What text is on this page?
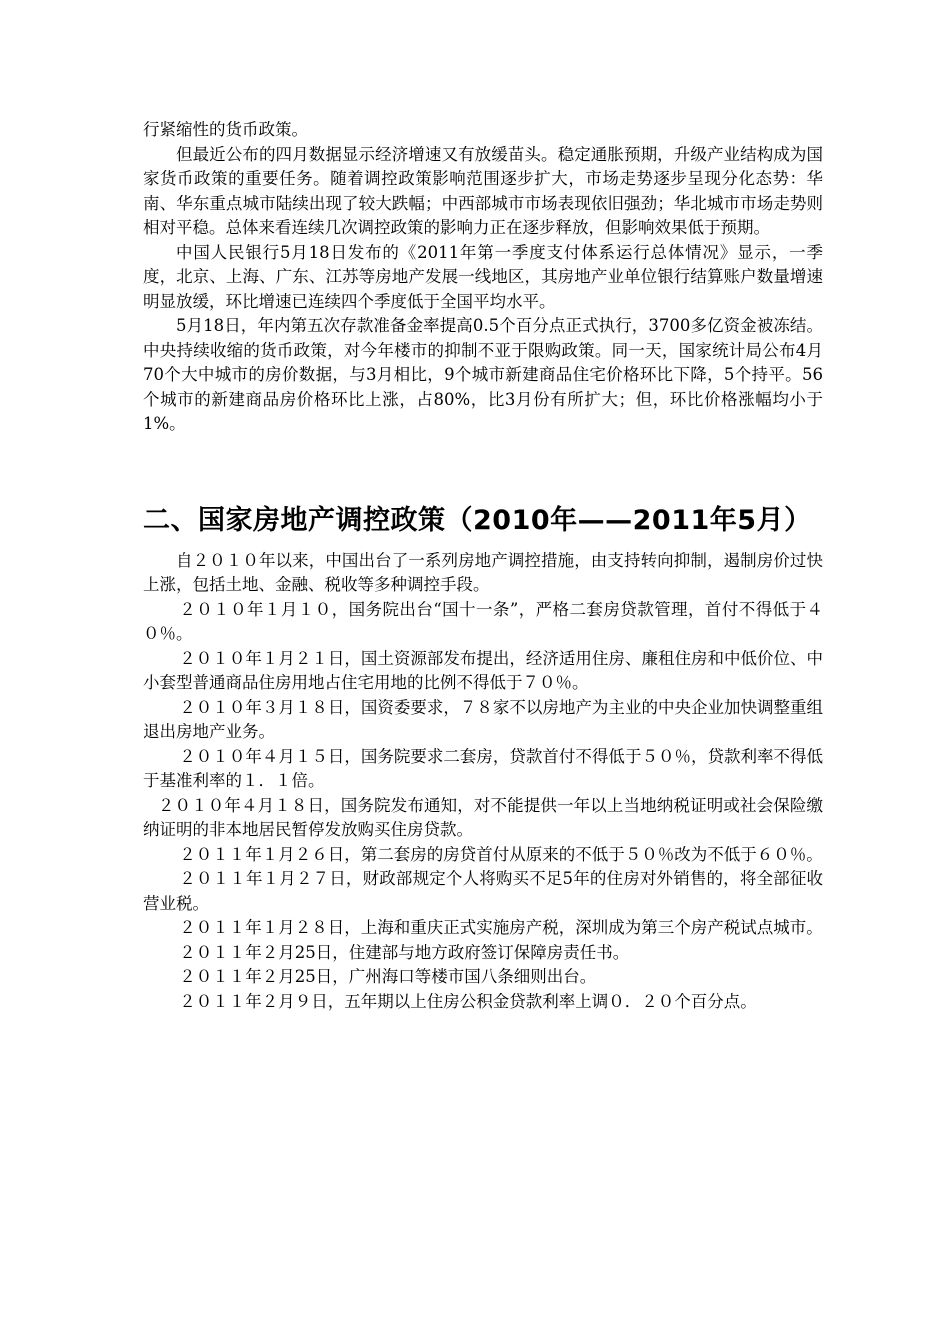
行紧缩性的货币政策。

但最近公布的四月数据显示经济增速又有放缓苗头。稳定通胀预期，升级产业结构成为国家货币政策的重要任务。随着调控政策影响范围逐步扩大，市场走势逐步呈现分化态势：华南、华东重点城市陆续出现了较大跌幅；中西部城市市场表现依旧强劲；华北城市市场走势则相对平稳。总体来看连续几次调控政策的影响力正在逐步释放，但影响效果低于预期。

中国人民银行5月18日发布的《2011年第一季度支付体系运行总体情况》显示，一季度，北京、上海、广东、江苏等房地产发展一线地区，其房地产业单位银行结算账户数量增速明显放缓，环比增速已连续四个季度低于全国平均水平。

5月18日，年内第五次存款准备金率提高0.5个百分点正式执行，3700多亿资金被冻结。中央持续收缩的货币政策，对今年楼市的抑制不亚于限购政策。同一天，国家统计局公布4月70个大中城市的房价数据，与3月相比，9个城市新建商品住宅价格环比下降，5个持平。56个城市的新建商品房价格环比上涨，占80%，比3月份有所扩大；但，环比价格涨幅均小于1%。

二、国家房地产调控政策（2010年——2011年5月）

自２０１０年以来，中国出台了一系列房地产调控措施，由支持转向抑制，遏制房价过快上涨，包括土地、金融、税收等多种调控手段。

２０１０年１月１０，国务院出台“国十一条”，严格二套房贷款管理，首付不得低于４０％。

２０１０年１月２１日，国土资源部发布提出，经济适用住房、廉租住房和中低价位、中小套型普通商品住房用地占住宅用地的比例不得低于７０％。

２０１０年３月１８日，国资委要求，７８家不以房地产为主业的中央企业加快调整重组退出房地产业务。

２０１０年４月１５日，国务院要求二套房，贷款首付不得低于５０％，贷款利率不得低于基准利率的１．１倍。

２０１０年４月１８日，国务院发布通知，对不能提供一年以上当地纳税证明或社会保险缴纳证明的非本地居民暂停发放购买住房贷款。

２０１１年１月２６日，第二套房的房贷首付从原来的不低于５０％改为不低于６０％。

２０１１年１月２７日，财政部规定个人将购买不足5年的住房对外销售的，将全部征收营业税。

２０１１年１月２８日，上海和重庆正式实施房产税，深圳成为第三个房产税试点城市。

２０１１年２月25日，住建部与地方政府签订保障房责任书。

２０１１年２月25日，广州海口等楼市国八条细则出台。

２０１１年２月９日，五年期以上住房公积金贷款利率上调０．２０个百分点。
